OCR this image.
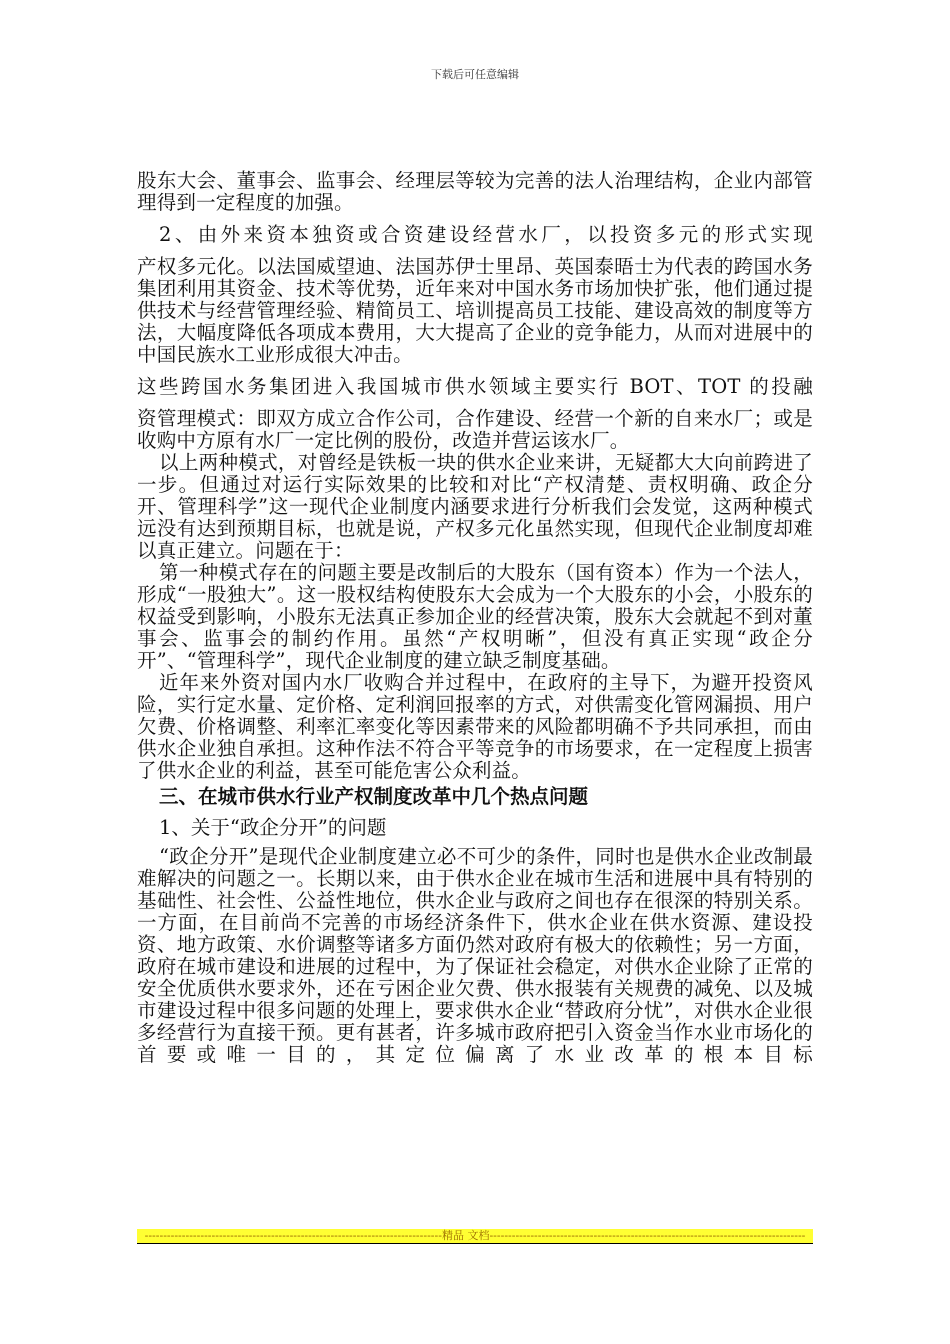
下载后可任意编辑

股东大会、董事会、监事会、经理层等较为完善的法人治理结构，企业内部管理得到一定程度的加强。

2、由外来资本独资或合资建设经营水厂，以投资多元的形式实现

产权多元化。以法国威望迪、法国苏伊士里昂、英国泰晤士为代表的跨国水务集团利用其资金、技术等优势，近年来对中国水务市场加快扩张，他们通过提供技术与经营管理经验、精简员工、培训提高员工技能、建设高效的制度等方法，大幅度降低各项成本费用，大大提高了企业的竞争能力，从而对进展中的中国民族水工业形成很大冲击。

这些跨国水务集团进入我国城市供水领域主要实行 BOT、TOT 的投融

资管理模式：即双方成立合作公司，合作建设、经营一个新的自来水厂；或是收购中方原有水厂一定比例的股份，改造并营运该水厂。

以上两种模式，对曾经是铁板一块的供水企业来讲，无疑都大大向前跨进了一步。但通过对运行实际效果的比较和对比“产权清楚、责权明确、政企分开、管理科学”这一现代企业制度内涵要求进行分析我们会发觉，这两种模式远没有达到预期目标，也就是说，产权多元化虽然实现，但现代企业制度却难以真正建立。问题在于：

第一种模式存在的问题主要是改制后的大股东（国有资本）作为一个法人，形成“一股独大”。这一股权结构使股东大会成为一个大股东的小会，小股东的权益受到影响，小股东无法真正参加企业的经营决策，股东大会就起不到对董事会、监事会的制约作用。虽然“产权明晰”，但没有真正实现“政企分开”、“管理科学”，现代企业制度的建立缺乏制度基础。

近年来外资对国内水厂收购合并过程中，在政府的主导下，为避开投资风险，实行定水量、定价格、定利润回报率的方式，对供需变化管网漏损、用户欠费、价格调整、利率汇率变化等因素带来的风险都明确不予共同承担，而由供水企业独自承担。这种作法不符合平等竞争的市场要求，在一定程度上损害了供水企业的利益，甚至可能危害公众利益。

三、在城市供水行业产权制度改革中几个热点问题

1、关于“政企分开”的问题

“政企分开”是现代企业制度建立必不可少的条件，同时也是供水企业改制最难解决的问题之一。长期以来，由于供水企业在城市生活和进展中具有特别的基础性、社会性、公益性地位，供水企业与政府之间也存在很深的特别关系。一方面，在目前尚不完善的市场经济条件下，供水企业在供水资源、建设投资、地方政策、水价调整等诸多方面仍然对政府有极大的依赖性；另一方面，政府在城市建设和进展的过程中，为了保证社会稳定，对供水企业除了正常的安全优质供水要求外，还在亏困企业欠费、供水报装有关规费的减免、以及城市建设过程中很多问题的处理上，要求供水企业“替政府分忧”，对供水企业很多经营行为直接干预。更有甚者，许多城市政府把引入资金当作水业市场化的首要或唯一目的，其定位偏离了水业改革的根本目标

--------------------------------------------------------------------------------精品 文档-------------------------------------------------------------------------------------
